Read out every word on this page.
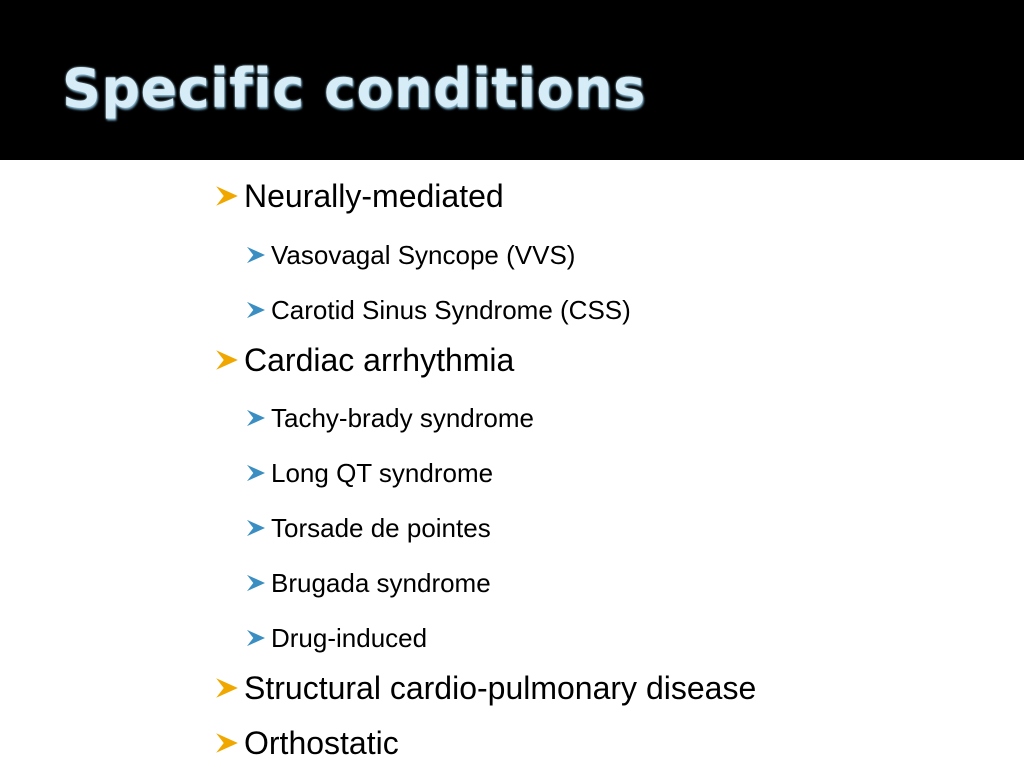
Specific conditions
Neurally-mediated
Vasovagal Syncope (VVS)
Carotid Sinus Syndrome (CSS)
Cardiac arrhythmia
Tachy-brady syndrome
Long QT syndrome
Torsade de pointes
Brugada syndrome
Drug-induced
Structural cardio-pulmonary disease
Orthostatic
